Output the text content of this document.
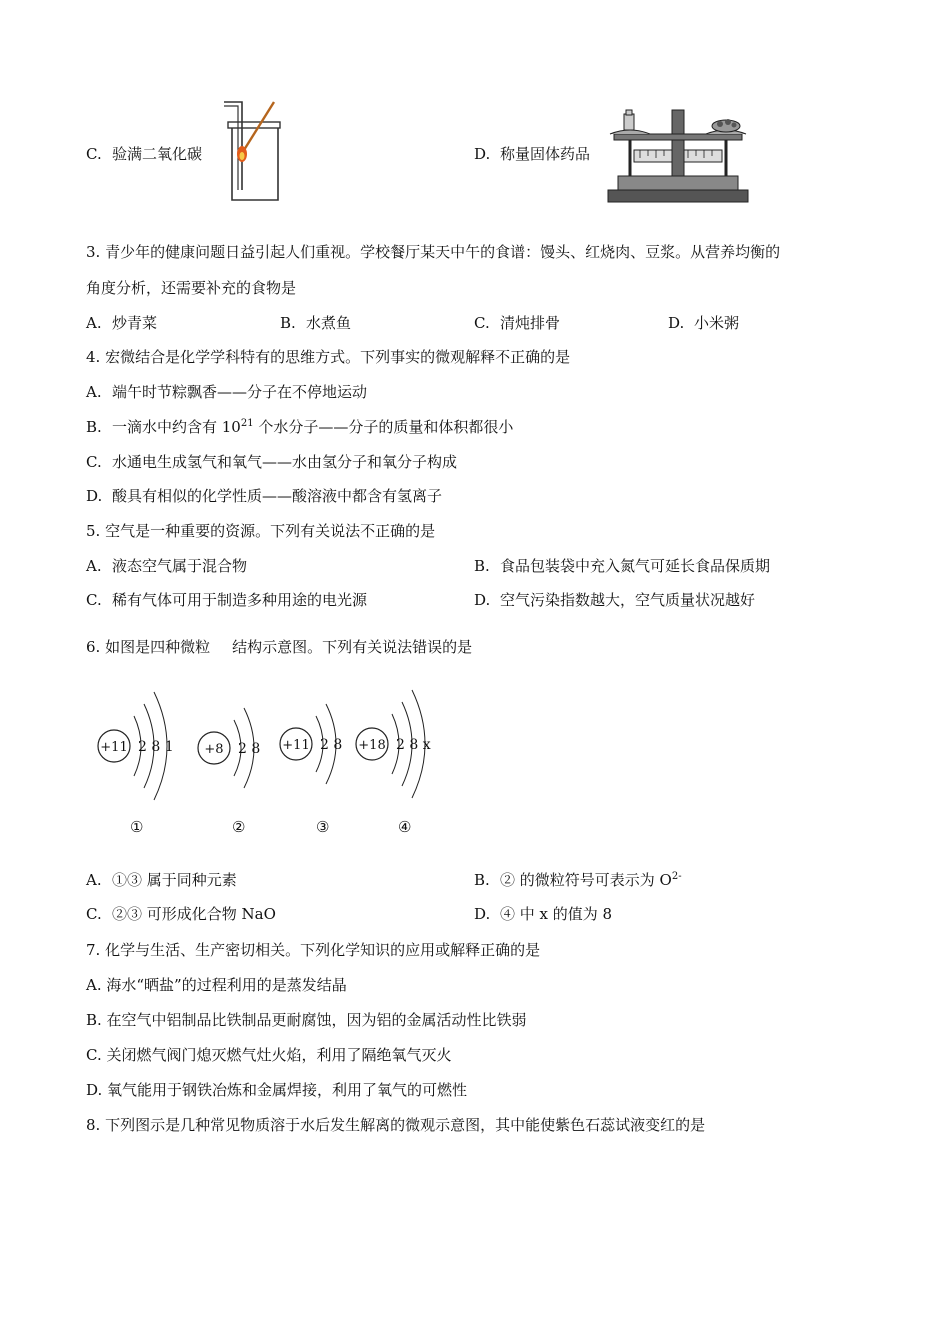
C. 验满二氧化碳	D. 称量固体药品
3. 青少年的健康问题日益引起人们重视。学校餐厅某天中午的食谱：馒头、红烧肉、豆浆。从营养均衡的
角度分析，还需要补充的食物是
A. 炒青菜	B. 水煮鱼	C. 清炖排骨	D. 小米粥
4. 宏微结合是化学学科特有的思维方式。下列事实的微观解释不正确的是
A. 端午时节粽飘香——分子在不停地运动
B. 一滴水中约含有 $10^{21}$ 个水分子——分子的质量和体积都很小
C. 水通电生成氢气和氧气——水由氢分子和氧分子构成
D. 酸具有相似的化学性质——酸溶液中都含有氢离子
5. 空气是一种重要的资源。下列有关说法不正确的是
A. 液态空气属于混合物	B. 食品包装袋中充入氮气可延长食品保质期
C. 稀有气体可用于制造多种用途的电光源	D. 空气污染指数越大，空气质量状况越好
6. 如图是四种微粒 结构示意图。下列有关说法错误的是
+11 2 8 1
①
+8 2 8
②
+11 2 8
③
+18 2 8 x
④
A. ①③ 属于同种元素	B. ② 的微粒符号可表示为 $O^{2-}$
C. ②③ 可形成化合物 NaO	D. ④ 中 x 的值为 8
7. 化学与生活、生产密切相关。下列化学知识的应用或解释正确的是
A. 海水“晒盐”的过程利用的是蒸发结晶
B. 在空气中铝制品比铁制品更耐腐蚀，因为铝的金属活动性比铁弱
C. 关闭燃气阀门熄灭燃气灶火焰，利用了隔绝氧气灭火
D. 氧气能用于钢铁冶炼和金属焊接，利用了氧气的可燃性
8. 下列图示是几种常见物质溶于水后发生解离的微观示意图，其中能使紫色石蕊试液变红的是
